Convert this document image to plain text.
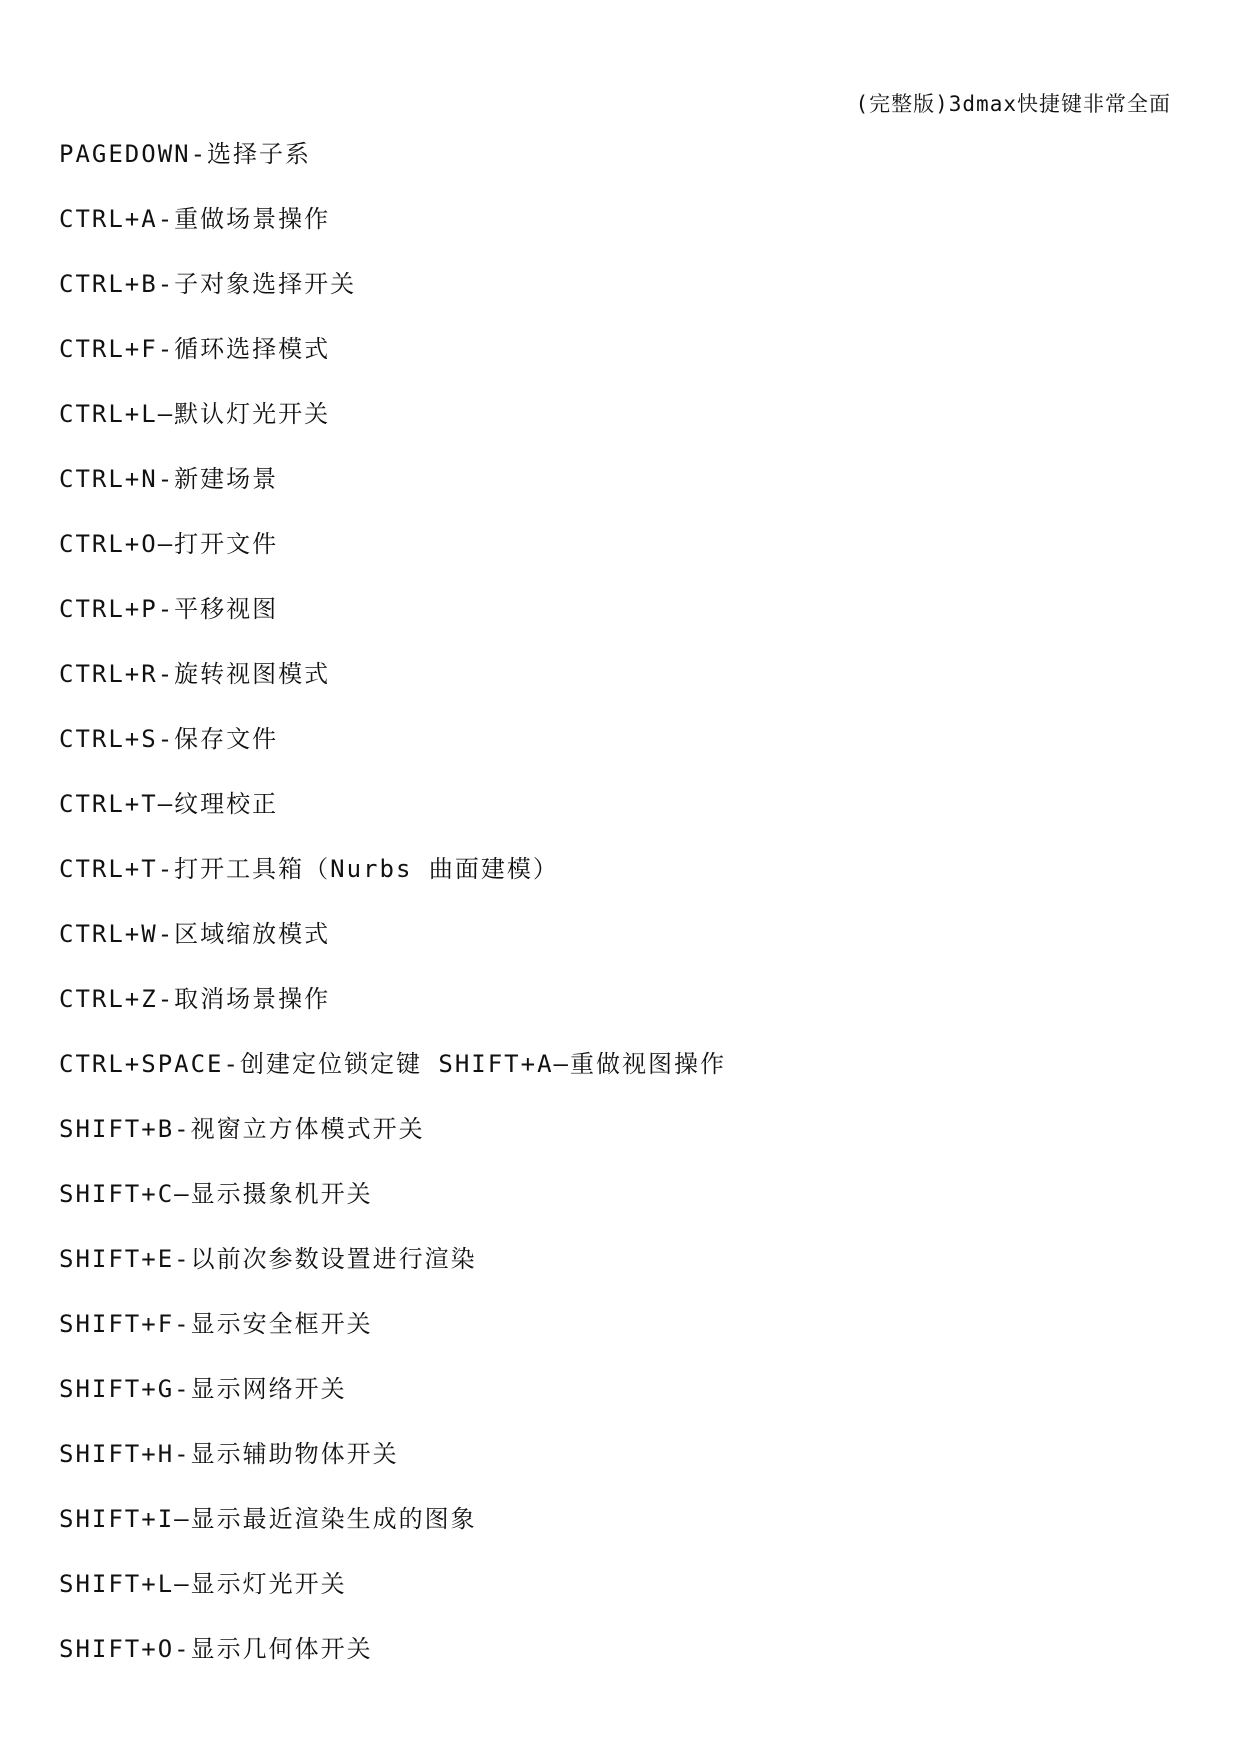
(完整版)3dmax快捷键非常全面
PAGEDOWN-选择子系
CTRL+A-重做场景操作
CTRL+B-子对象选择开关
CTRL+F-循环选择模式
CTRL+L—默认灯光开关
CTRL+N-新建场景
CTRL+O—打开文件
CTRL+P-平移视图
CTRL+R-旋转视图模式
CTRL+S-保存文件
CTRL+T—纹理校正
CTRL+T-打开工具箱（Nurbs 曲面建模）
CTRL+W-区域缩放模式
CTRL+Z-取消场景操作
CTRL+SPACE-创建定位锁定键 SHIFT+A—重做视图操作
SHIFT+B-视窗立方体模式开关
SHIFT+C—显示摄象机开关
SHIFT+E-以前次参数设置进行渲染
SHIFT+F-显示安全框开关
SHIFT+G-显示网络开关
SHIFT+H-显示辅助物体开关
SHIFT+I—显示最近渲染生成的图象
SHIFT+L—显示灯光开关
SHIFT+O-显示几何体开关
